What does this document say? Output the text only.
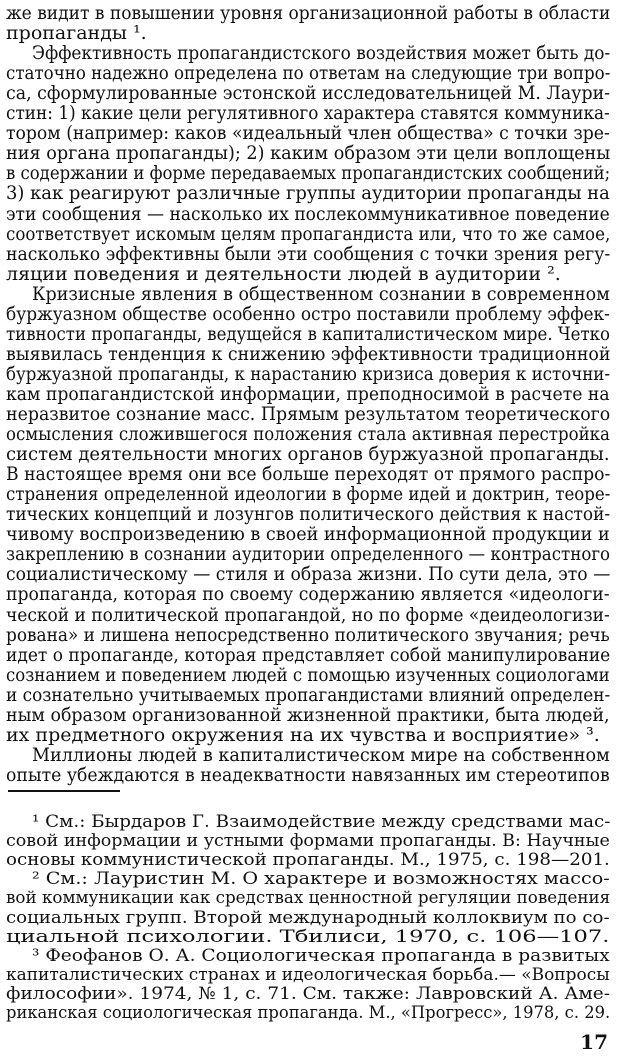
же видит в повышении уровня организационной работы в области
пропаганды ¹.
Эффективность пропагандистского воздействия может быть до-
статочно надежно определена по ответам на следующие три вопро-
са, сформулированные эстонской исследовательницей М. Лаури-
стин: 1) какие цели регулятивного характера ставятся коммуника-
тором (например: каков «идеальный член общества» с точки зре-
ния органа пропаганды); 2) каким образом эти цели воплощены
в содержании и форме передаваемых пропагандистских сообщений;
3) как реагируют различные группы аудитории пропаганды на
эти сообщения — насколько их послекоммуникативное поведение
соответствует искомым целям пропагандиста или, что то же самое,
насколько эффективны были эти сообщения с точки зрения регу-
ляции поведения и деятельности людей в аудитории ².
Кризисные явления в общественном сознании в современном
буржуазном обществе особенно остро поставили проблему эффек-
тивности пропаганды, ведущейся в капиталистическом мире. Четко
выявилась тенденция к снижению эффективности традиционной
буржуазной пропаганды, к нарастанию кризиса доверия к источни-
кам пропагандистской информации, преподносимой в расчете на
неразвитое сознание масс. Прямым результатом теоретического
осмысления сложившегося положения стала активная перестройка
систем деятельности многих органов буржуазной пропаганды.
В настоящее время они все больше переходят от прямого распро-
странения определенной идеологии в форме идей и доктрин, теоре-
тических концепций и лозунгов политического действия к настой-
чивому воспроизведению в своей информационной продукции и
закреплению в сознании аудитории определенного — контрастного
социалистическому — стиля и образа жизни. По сути дела, это —
пропаганда, которая по своему содержанию является «идеологи-
ческой и политической пропагандой, но по форме «деидеологизи-
рована» и лишена непосредственно политического звучания; речь
идет о пропаганде, которая представляет собой манипулирование
сознанием и поведением людей с помощью изученных социологами
и сознательно учитываемых пропагандистами влияний определен-
ным образом организованной жизненной практики, быта людей,
их предметного окружения на их чувства и восприятие» ³.
Миллионы людей в капиталистическом мире на собственном
опыте убеждаются в неадекватности навязанных им стереотипов
¹ См.: Бырдаров Г. Взаимодействие между средствами мас-
совой информации и устными формами пропаганды. В: Научные
основы коммунистической пропаганды. М., 1975, с. 198—201.
² См.: Лауристин М. О характере и возможностях массо-
вой коммуникации как средствах ценностной регуляции поведения
социальных групп. Второй международный коллоквиум по со-
циальной психологии. Тбилиси, 1970, с. 106—107.
³ Феофанов О. А. Социологическая пропаганда в развитых
капиталистических странах и идеологическая борьба.— «Вопросы
философии». 1974, № 1, с. 71. См. также: Лавровский А. Аме-
риканская социологическая пропаганда. М., «Прогресс», 1978, с. 29.
17
